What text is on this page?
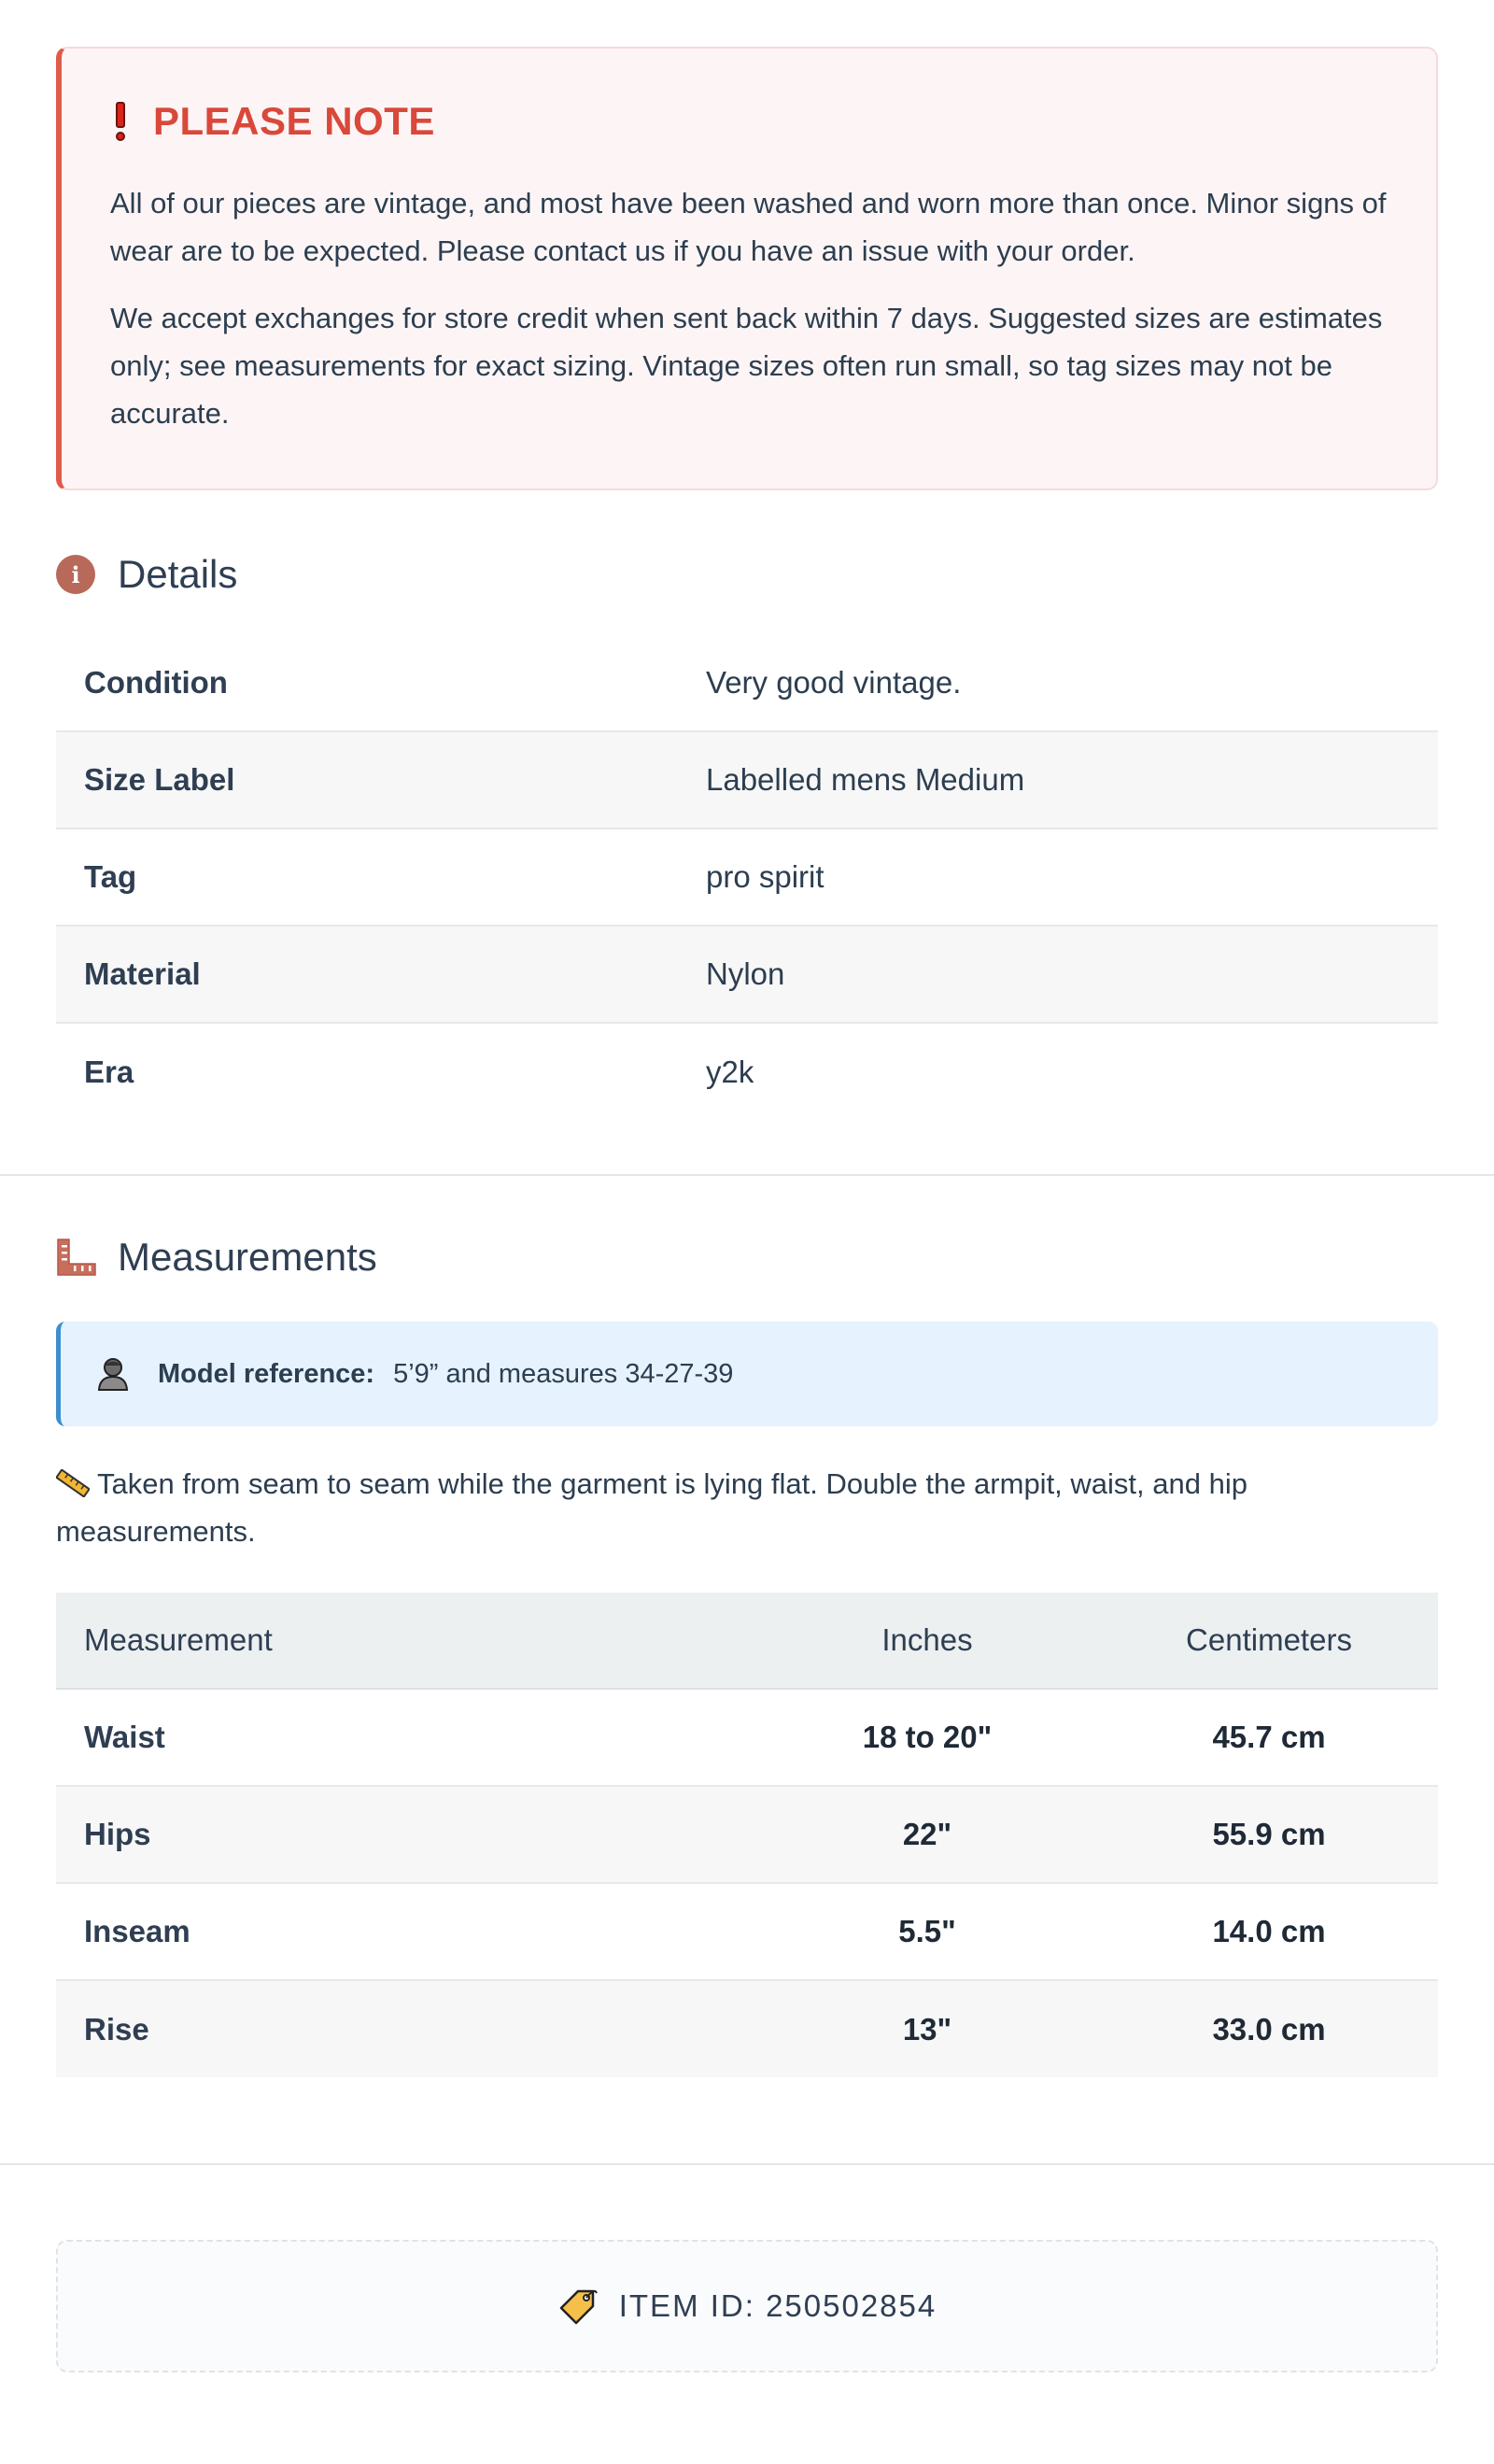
PLEASE NOTE

All of our pieces are vintage, and most have been washed and worn more than once. Minor signs of wear are to be expected. Please contact us if you have an issue with your order.

We accept exchanges for store credit when sent back within 7 days. Suggested sizes are estimates only; see measurements for exact sizing. Vintage sizes often run small, so tag sizes may not be accurate.

i Details
Condition	Very good vintage.
Size Label	Labelled mens Medium
Tag	pro spirit
Material	Nylon
Era	y2k
Measurements
Model reference: 5’9” and measures 34-27-39
Taken from seam to seam while the garment is lying flat. Double the armpit, waist, and hip measurements.
Measurement	Inches	Centimeters
Waist	18 to 20"	45.7 cm
Hips	22"	55.9 cm
Inseam	5.5"	14.0 cm
Rise	13"	33.0 cm
ITEM ID: 250502854
